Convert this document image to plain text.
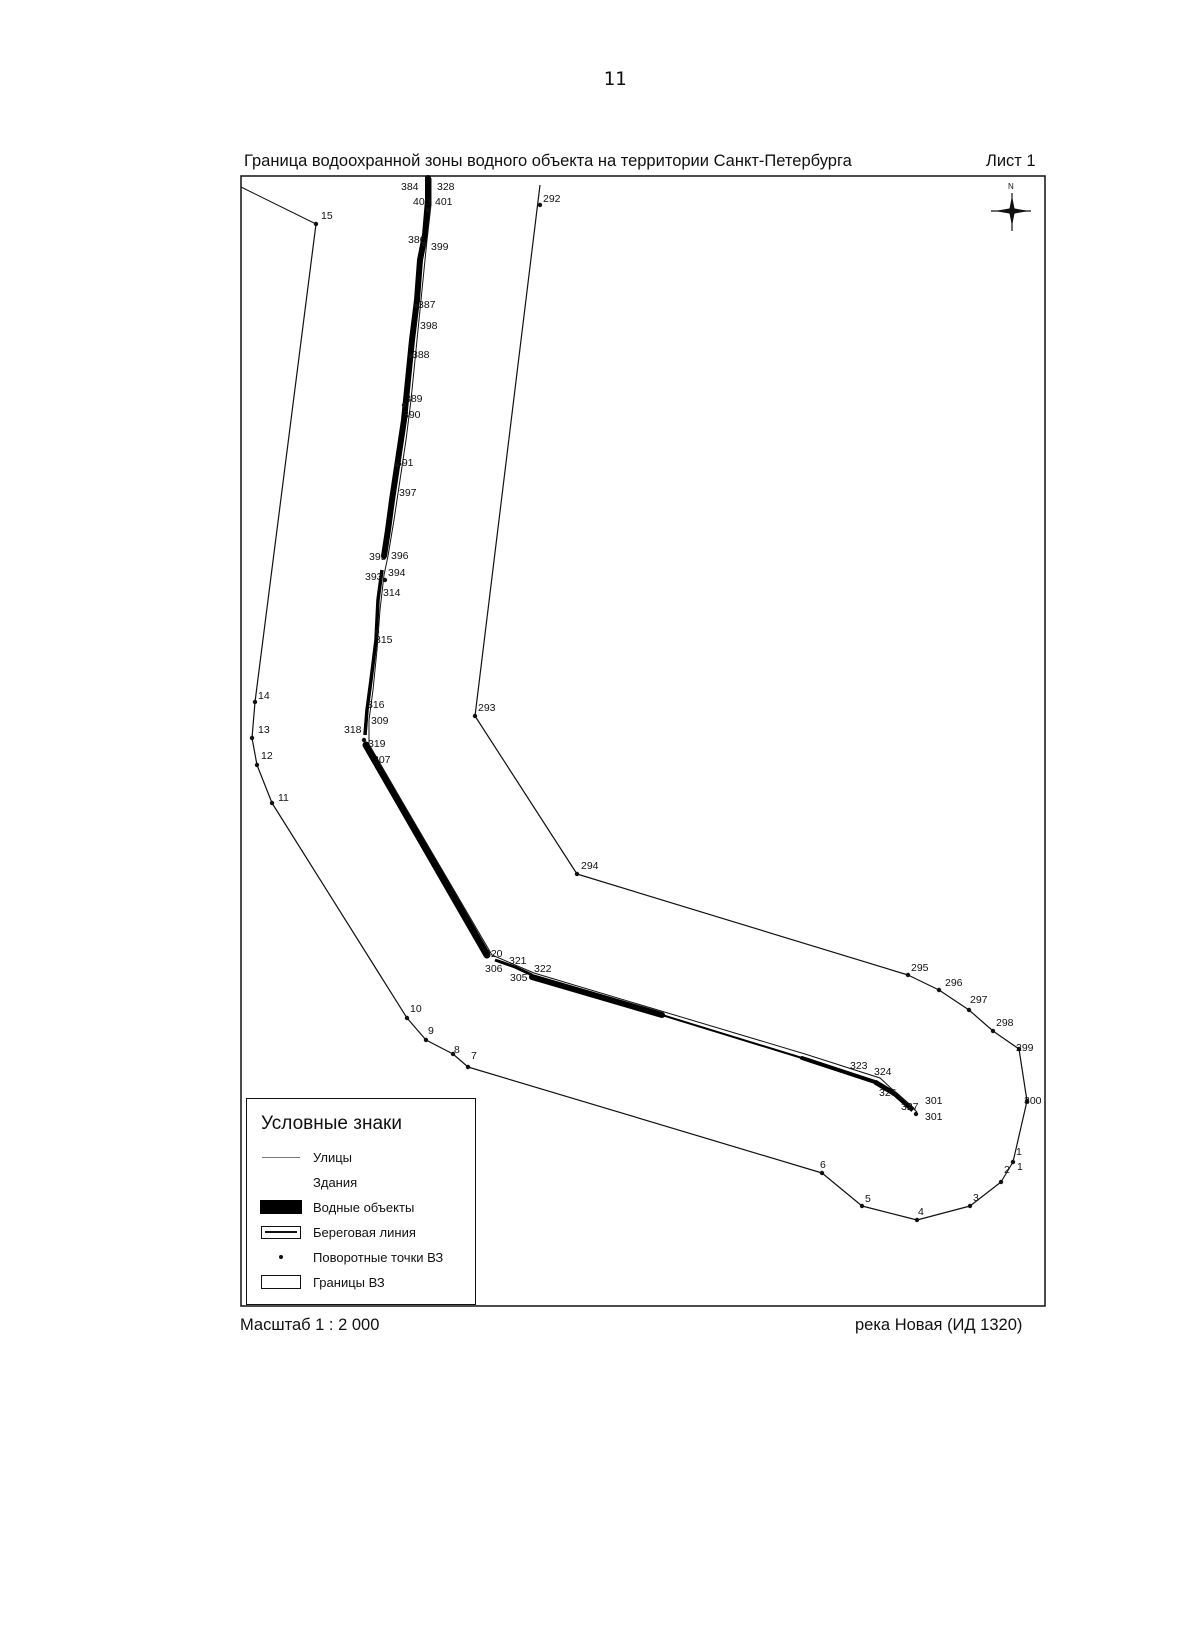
11
Граница водоохранной зоны водного объекта на территории Санкт-Петербурга	Лист 1
384 328
400 401
15
292
386
399
387
398
388
389
390
391
397
395 396
393 394
314
315
14
316
309
13	318
319
12	307
293
11
294
320
321
306	322
305
295
296
297
10
298
9
299
8 7
323 324
326
301
327
301
300
1
6	2 1
5	3
4
N
Условные знаки
Улицы
Здания
Водные объекты
Береговая линия
Поворотные точки ВЗ
Границы ВЗ
Масштаб 1 : 2 000	река Новая (ИД 1320)
